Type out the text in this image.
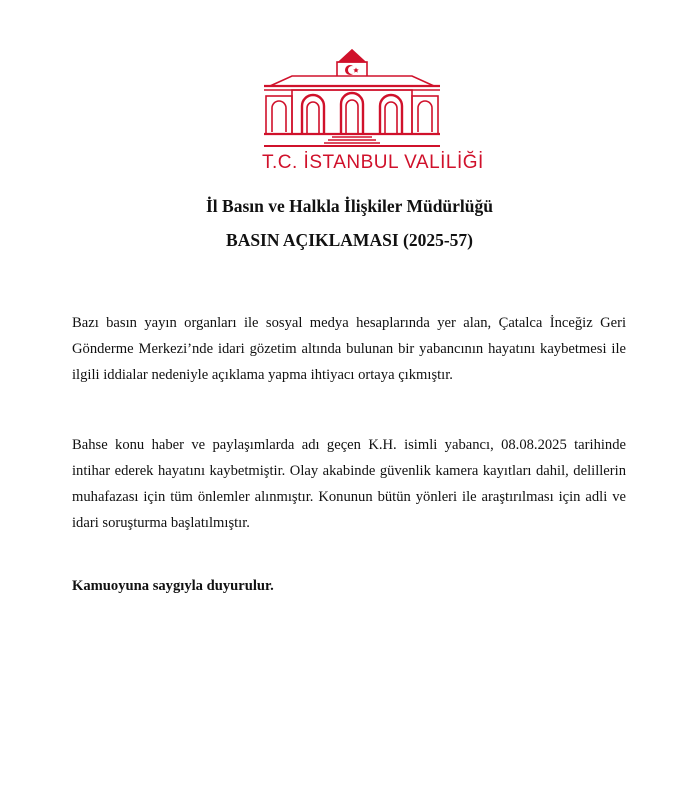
T.C. İSTANBUL VALİLİĞİ
İl Basın ve Halkla İlişkiler Müdürlüğü
BASIN AÇIKLAMASI (2025-57)

Bazı basın yayın organları ile sosyal medya hesaplarında yer alan, Çatalca İnceğiz Geri Gönderme Merkezi’nde idari gözetim altında bulunan bir yabancının hayatını kaybetmesi ile ilgili iddialar nedeniyle açıklama yapma ihtiyacı ortaya çıkmıştır.

Bahse konu haber ve paylaşımlarda adı geçen K.H. isimli yabancı, 08.08.2025 tarihinde intihar ederek hayatını kaybetmiştir. Olay akabinde güvenlik kamera kayıtları dahil, delillerin muhafazası için tüm önlemler alınmıştır. Konunun bütün yönleri ile araştırılması için adli ve idari soruşturma başlatılmıştır.

Kamuoyuna saygıyla duyurulur.
